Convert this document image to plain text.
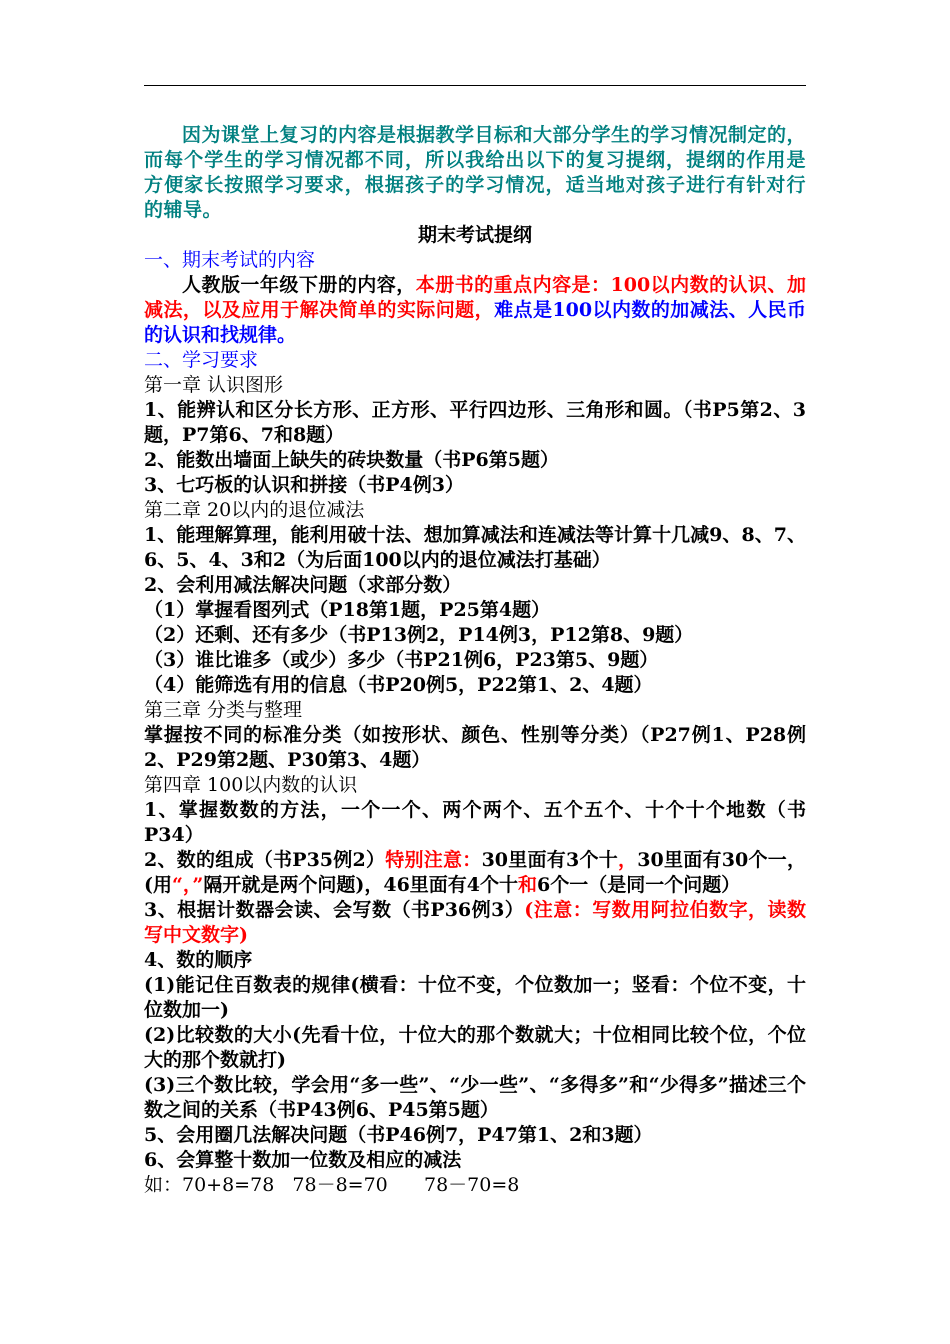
因为课堂上复习的内容是根据教学目标和大部分学生的学习情况制定的，而每个学生的学习情况都不同，所以我给出以下的复习提纲，提纲的作用是方便家长按照学习要求，根据孩子的学习情况，适当地对孩子进行有针对行的辅导。

期末考试提纲

一、期末考试的内容

人教版一年级下册的内容，本册书的重点内容是：100以内数的认识、加减法，以及应用于解决简单的实际问题，难点是100以内数的加减法、人民币的认识和找规律。

二、学习要求

第一章 认识图形

1、能辨认和区分长方形、正方形、平行四边形、三角形和圆。（书P5第2、3题，P7第6、7和8题）

2、能数出墙面上缺失的砖块数量（书P6第5题）

3、七巧板的认识和拼接（书P4例3）

第二章 20以内的退位减法

1、能理解算理，能利用破十法、想加算减法和连减法等计算十几减9、8、7、6、5、4、3和2（为后面100以内的退位减法打基础）

2、会利用减法解决问题（求部分数）

（1）掌握看图列式（P18第1题，P25第4题）

（2）还剩、还有多少（书P13例2，P14例3，P12第8、9题）

（3）谁比谁多（或少）多少（书P21例6，P23第5、9题）

（4）能筛选有用的信息（书P20例5，P22第1、2、4题）

第三章 分类与整理

掌握按不同的标准分类（如按形状、颜色、性别等分类）（P27例1、P28例2、P29第2题、P30第3、4题）

第四章 100以内数的认识

1、掌握数数的方法，一个一个、两个两个、五个五个、十个十个地数（书P34）

2、数的组成（书P35例2）特别注意：30里面有3个十，30里面有30个一，(用“，”隔开就是两个问题)，46里面有4个十和6个一（是同一个问题）

3、根据计数器会读、会写数（书P36例3）(注意：写数用阿拉伯数字，读数写中文数字)

4、数的顺序

(1)能记住百数表的规律(横看：十位不变，个位数加一；竖看：个位不变，十位数加一)

(2)比较数的大小(先看十位，十位大的那个数就大；十位相同比较个位，个位大的那个数就打)

(3)三个数比较，学会用“多一些”、“少一些”、“多得多”和“少得多”描述三个数之间的关系（书P43例6、P45第5题）

5、会用圈几法解决问题（书P46例7，P47第1、2和3题）

6、会算整十数加一位数及相应的减法

如：70+8=78   78－8=70      78－70=8
